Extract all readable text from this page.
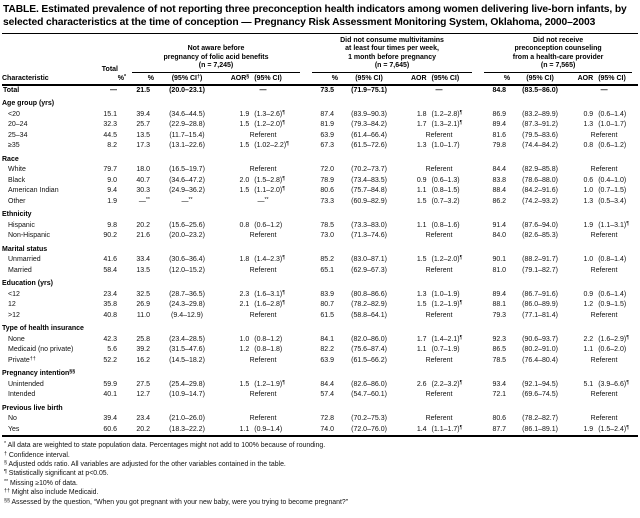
TABLE. Estimated prevalence of not reporting three preconception health indicators among women delivering live-born infants, by selected characteristics at the time of conception — Pregnancy Risk Assessment Monitoring System, Oklahoma, 2000–2003
	Total	Not aware before
pregnancy of folic acid benefits
(n = 7,245)			Did not consume multivitamins
at least four times per week,
1 month before pregnancy
(n = 7,645)			Did not receive
preconception counseling
from a health-care provider
(n = 7,565)		

Characteristic	%*	%	(95% CI†)	AOR§ (95% CI)	%	(95% CI)	AOR (95% CI)	%	(95% CI)	AOR (95% CI)

Total	—	21.5	(20.0–23.1)	—	73.5	(71.9–75.1)	—	84.8	(83.5–86.0)	—
Age group (yrs)										
<20	15.1	39.4	(34.6–44.5)	1.9 (1.3–2.6)¶	87.4	(83.9–90.3)	1.8 (1.2–2.8)¶	86.9	(83.2–89.9)	0.9 (0.6–1.4)

20–24	32.3	25.7	(22.9–28.8)	1.5 (1.2–2.0)¶	81.9	(79.3–84.2)	1.7 (1.3–2.1)¶	89.4	(87.3–91.2)	1.3 (1.0–1.7)

25–34	44.5	13.5	(11.7–15.4)	Referent	63.9	(61.4–66.4)	Referent	81.6	(79.5–83.6)	Referent
≥35	8.2	17.3	(13.1–22.6)	1.5 (1.02–2.2)¶	67.3	(61.5–72.6)	1.3 (1.0–1.7)	79.8	(74.4–84.2)	0.8 (0.6–1.2)

Race										
White	79.7	18.0	(16.5–19.7)	Referent	72.0	(70.2–73.7)	Referent	84.4	(82.9–85.8)	Referent
Black	9.0	40.7	(34.6–47.2)	2.0 (1.5–2.8)¶	78.9	(73.4–83.5)	0.9 (0.6–1.3)	83.8	(78.6–88.0)	0.6 (0.4–1.0)

American Indian	9.4	30.3	(24.9–36.2)	1.5 (1.1–2.0)¶	80.6	(75.7–84.8)	1.1 (0.8–1.5)	88.4	(84.2–91.6)	1.0 (0.7–1.5)

Other	1.9	—**	—**	—**	73.3	(60.9–82.9)	1.5 (0.7–3.2)	86.2	(74.2–93.2)	1.3 (0.5–3.4)

Ethnicity										
Hispanic	9.8	20.2	(15.6–25.6)	0.8 (0.6–1.2)	78.5	(73.3–83.0)	1.1 (0.8–1.6)	91.4	(87.6–94.0)	1.9 (1.1–3.1)¶

Non-Hispanic	90.2	21.6	(20.0–23.2)	Referent	73.0	(71.3–74.6)	Referent	84.0	(82.6–85.3)	Referent
Marital status										
Unmarried	41.6	33.4	(30.6–36.4)	1.8 (1.4–2.3)¶	85.2	(83.0–87.1)	1.5 (1.2–2.0)¶	90.1	(88.2–91.7)	1.0 (0.8–1.4)

Married	58.4	13.5	(12.0–15.2)	Referent	65.1	(62.9–67.3)	Referent	81.0	(79.1–82.7)	Referent
Education (yrs)										
<12	23.4	32.5	(28.7–36.5)	2.3 (1.6–3.1)¶	83.9	(80.8–86.6)	1.3 (1.0–1.9)	89.4	(86.7–91.6)	0.9 (0.6–1.4)

12	35.8	26.9	(24.3–29.8)	2.1 (1.6–2.8)¶	80.7	(78.2–82.9)	1.5 (1.2–1.9)¶	88.1	(86.0–89.9)	1.2 (0.9–1.5)

>12	40.8	11.0	(9.4–12.9)	Referent	61.5	(58.8–64.1)	Referent	79.3	(77.1–81.4)	Referent
Type of health insurance										
None	42.3	25.8	(23.4–28.5)	1.0 (0.8–1.2)	84.1	(82.0–86.0)	1.7 (1.4–2.1)¶	92.3	(90.6–93.7)	2.2 (1.6–2.9)¶

Medicaid (no private)	5.6	39.2	(31.5–47.6)	1.2 (0.8–1.8)	82.2	(75.6–87.4)	1.1 (0.7–1.9)	86.5	(80.2–91.0)	1.1 (0.6–2.0)

Private††	52.2	16.2	(14.5–18.2)	Referent	63.9	(61.5–66.2)	Referent	78.5	(76.4–80.4)	Referent
Pregnancy intention§§
Unintended	59.9	27.5	(25.4–29.8)	1.5 (1.2–1.9)¶	84.4	(82.6–86.0)	2.6 (2.2–3.2)¶	93.4	(92.1–94.5)	5.1 (3.9–6.6)¶

Intended	40.1	12.7	(10.9–14.7)	Referent	57.4	(54.7–60.1)	Referent	72.1	(69.6–74.5)	Referent
Previous live birth										
No	39.4	23.4	(21.0–26.0)	Referent	72.8	(70.2–75.3)	Referent	80.6	(78.2–82.7)	Referent
Yes	60.6	20.2	(18.3–22.2)	1.1 (0.9–1.4)	74.0	(72.0–76.0)	1.4 (1.1–1.7)¶	87.7	(86.1–89.1)	1.9 (1.5–2.4)¶
* All data are weighted to state population data. Percentages might not add to 100% because of rounding.
† Confidence interval.
§ Adjusted odds ratio. All variables are adjusted for the other variables contained in the table.
¶ Statistically significant at p<0.05.
** Missing ≥10% of data.
†† Might also include Medicaid.
§§ Assessed by the question, “When you got pregnant with your new baby, were you trying to become pregnant?”
